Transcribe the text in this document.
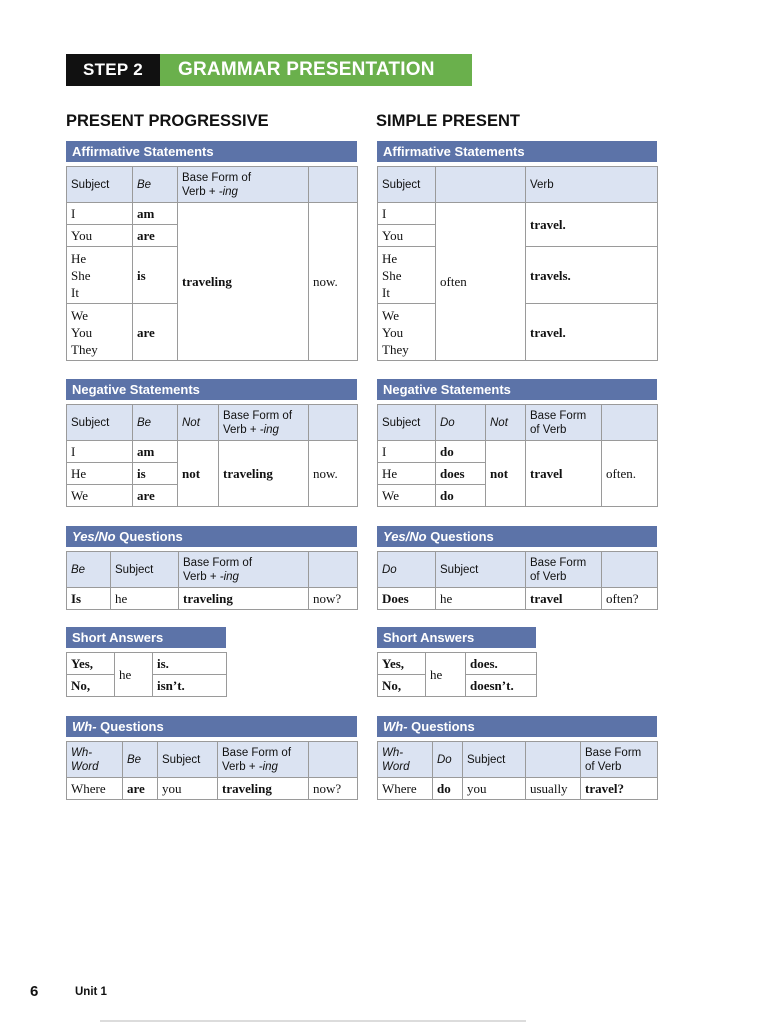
STEP 2	GRAMMAR PRESENTATION
PRESENT PROGRESSIVE	SIMPLE PRESENT
Affirmative Statements
Subject	Be	Base Form of
Verb + -ing	
I	am	traveling	now.
You	are		
He
She
It	is		
We
You
They	are		
Affirmative Statements
Subject		Verb
I	often	travel.
You		
He
She
It		travels.
We
You
They		travel.
Negative Statements
Subject	Be	Not	Base Form of
Verb + -ing	
I	am	not	traveling	now.
He	is			
We	are			
Negative Statements
Subject	Do	Not	Base Form
of Verb	
I	do	not	travel	often.
He	does			
We	do			
Yes/No Questions
Be	Subject	Base Form of
Verb + -ing	
Is	he	traveling	now?
Yes/No Questions
Do	Subject	Base Form
of Verb	
Does	he	travel	often?
Short Answers
Yes,	he	is.
No,		isn’t.
Short Answers
Yes,	he	does.
No,		doesn’t.
Wh- Questions
Wh-
Word	Be	Subject	Base Form of
Verb + -ing	
Where	are	you	traveling	now?
Wh- Questions
Wh-
Word	Do	Subject		Base Form
of Verb
Where	do	you	usually	travel?
6	Unit 1
